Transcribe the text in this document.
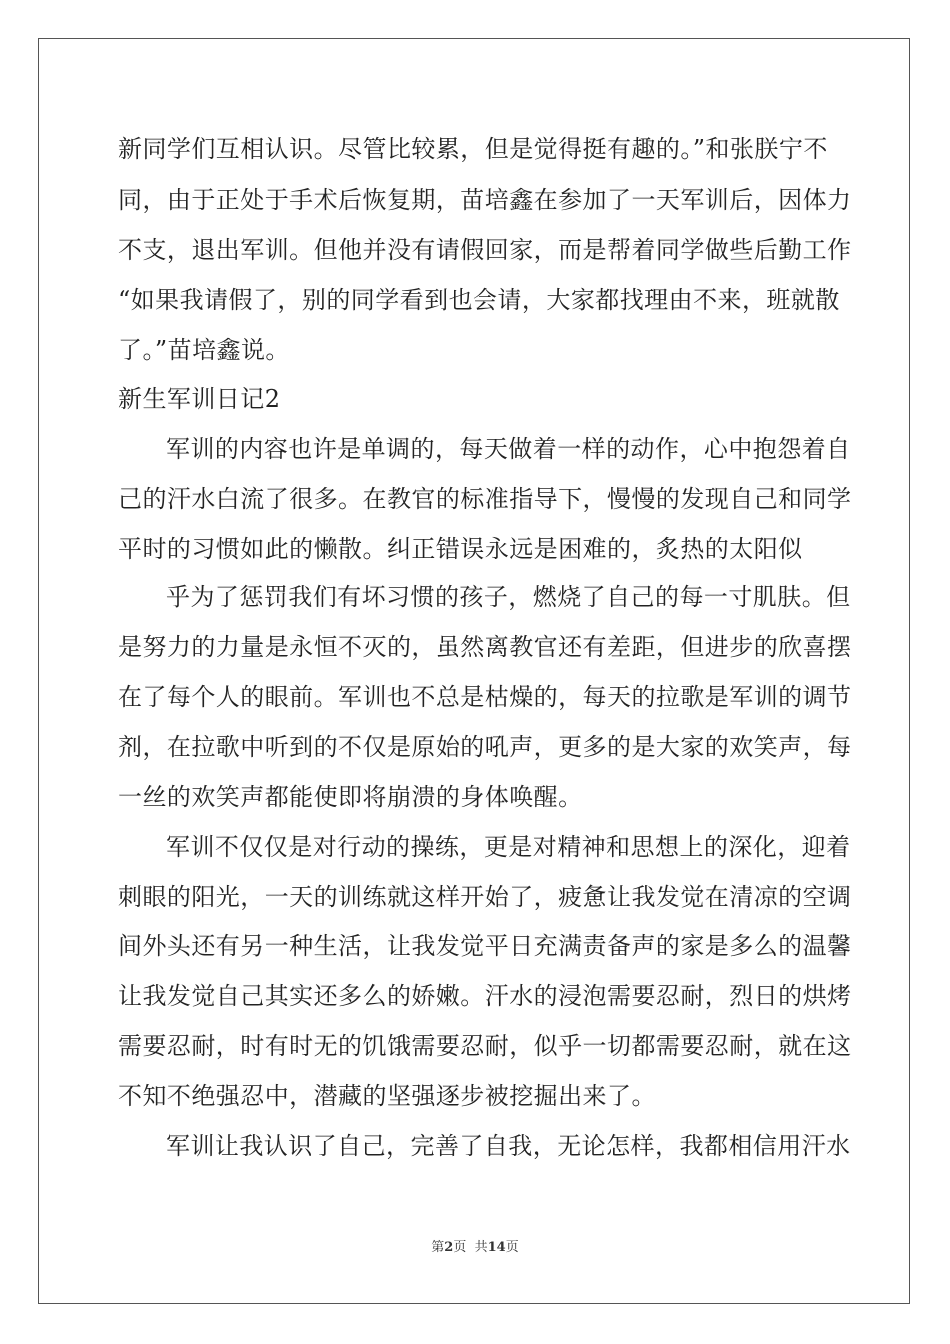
新同学们互相认识。尽管比较累，但是觉得挺有趣的。”和张朕宁不
同，由于正处于手术后恢复期，苗培鑫在参加了一天军训后，因体力
不支，退出军训。但他并没有请假回家，而是帮着同学做些后勤工作
“如果我请假了，别的同学看到也会请，大家都找理由不来，班就散
了。”苗培鑫说。
新生军训日记2
军训的内容也许是单调的，每天做着一样的动作，心中抱怨着自
己的汗水白流了很多。在教官的标准指导下，慢慢的发现自己和同学
平时的习惯如此的懒散。纠正错误永远是困难的，炙热的太阳似
乎为了惩罚我们有坏习惯的孩子，燃烧了自己的每一寸肌肤。但
是努力的力量是永恒不灭的，虽然离教官还有差距，但进步的欣喜摆
在了每个人的眼前。军训也不总是枯燥的，每天的拉歌是军训的调节
剂，在拉歌中听到的不仅是原始的吼声，更多的是大家的欢笑声，每
一丝的欢笑声都能使即将崩溃的身体唤醒。
军训不仅仅是对行动的操练，更是对精神和思想上的深化，迎着
刺眼的阳光，一天的训练就这样开始了，疲惫让我发觉在清凉的空调
间外头还有另一种生活，让我发觉平日充满责备声的家是多么的温馨
让我发觉自己其实还多么的娇嫩。汗水的浸泡需要忍耐，烈日的烘烤
需要忍耐，时有时无的饥饿需要忍耐，似乎一切都需要忍耐，就在这
不知不绝强忍中，潜藏的坚强逐步被挖掘出来了。
军训让我认识了自己，完善了自我，无论怎样，我都相信用汗水
第2页  共14页
